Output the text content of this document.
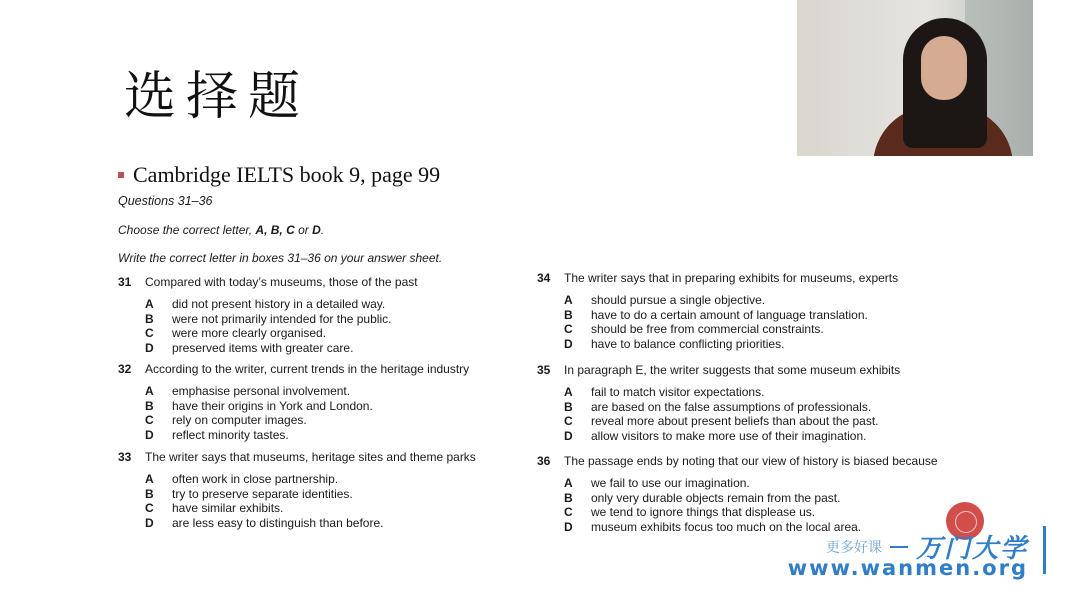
选择题
Cambridge IELTS book 9, page 99
Questions 31–36
Choose the correct letter, A, B, C or D.
Write the correct letter in boxes 31–36 on your answer sheet.
31	Compared with today’s museums, those of the past
A	did not present history in a detailed way.
B	were not primarily intended for the public.
C	were more clearly organised.
D	preserved items with greater care.
32	According to the writer, current trends in the heritage industry
A	emphasise personal involvement.
B	have their origins in York and London.
C	rely on computer images.
D	reflect minority tastes.
33	The writer says that museums, heritage sites and theme parks
A	often work in close partnership.
B	try to preserve separate identities.
C	have similar exhibits.
D	are less easy to distinguish than before.
34	The writer says that in preparing exhibits for museums, experts
A	should pursue a single objective.
B	have to do a certain amount of language translation.
C	should be free from commercial constraints.
D	have to balance conflicting priorities.
35	In paragraph E, the writer suggests that some museum exhibits
A	fail to match visitor expectations.
B	are based on the false assumptions of professionals.
C	reveal more about present beliefs than about the past.
D	allow visitors to make more use of their imagination.
36	The passage ends by noting that our view of history is biased because
A	we fail to use our imagination.
B	only very durable objects remain from the past.
C	we tend to ignore things that displease us.
D	museum exhibits focus too much on the local area.
更多好课 万门大学
www.wanmen.org
